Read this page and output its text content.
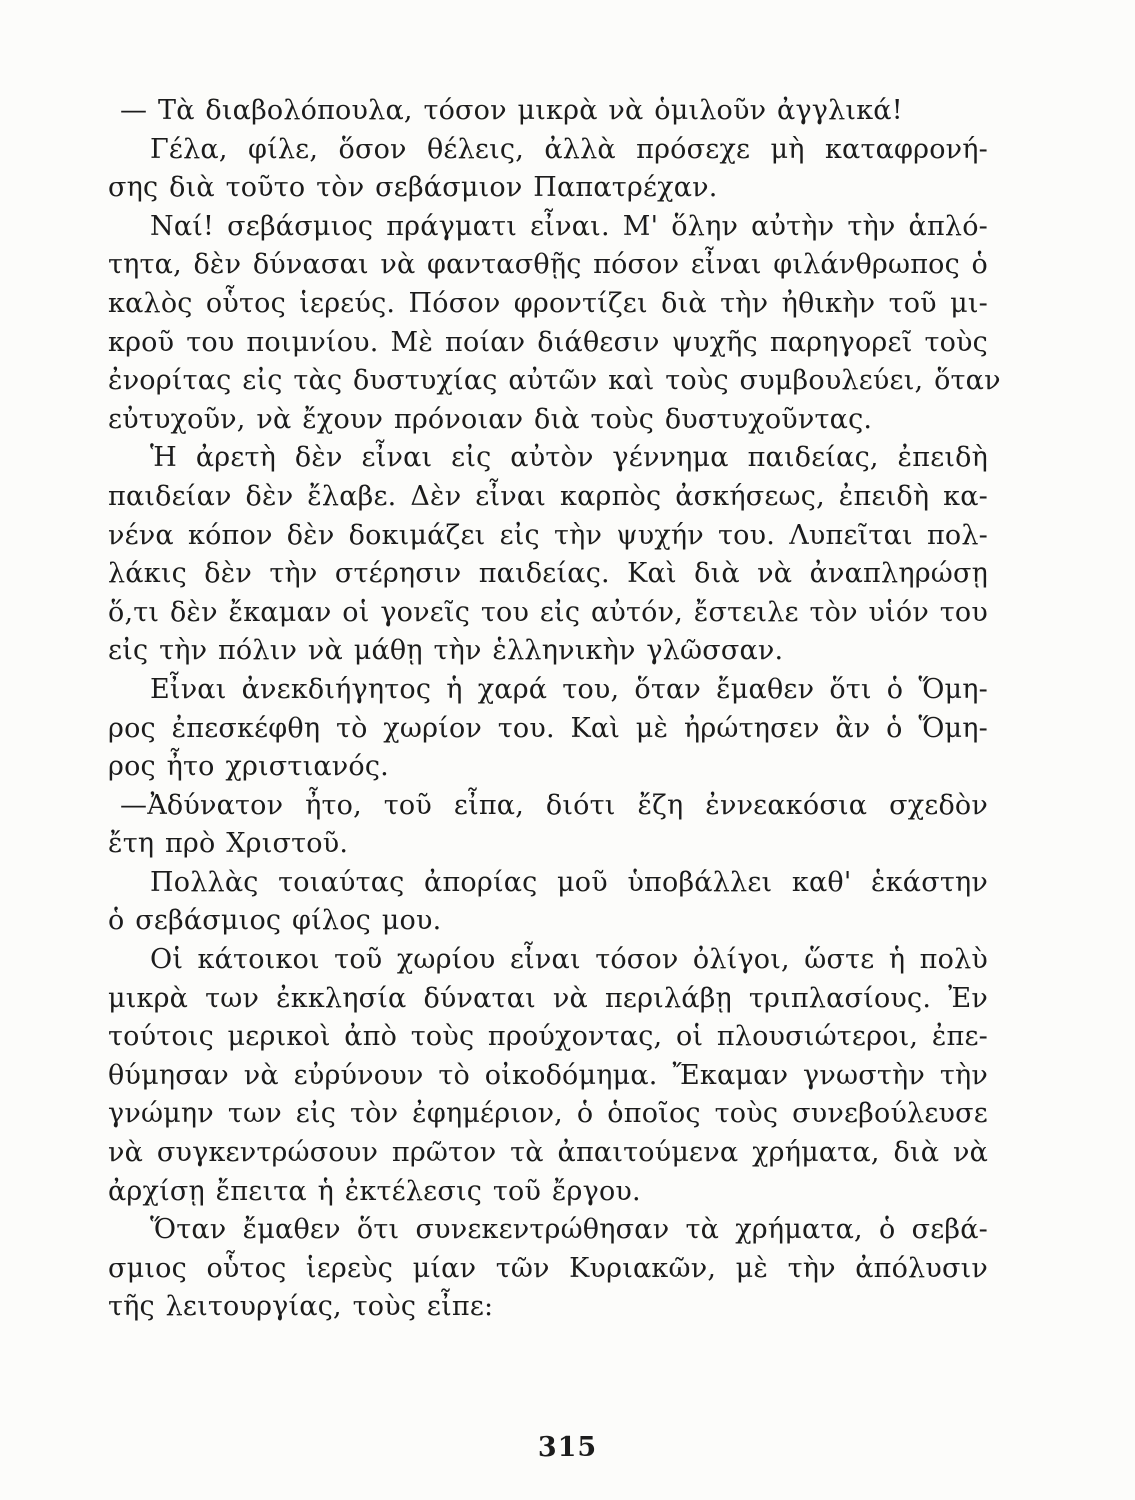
— Τὰ διαβολόπουλα, τόσον μικρὰ νὰ ὁμιλοῦν ἀγγλικά!
Γέλα, φίλε, ὅσον θέλεις, ἀλλὰ πρόσεχε μὴ καταφρονή-
σης διὰ τοῦτο τὸν σεβάσμιον Παπατρέχαν.
Ναί! σεβάσμιος πράγματι εἶναι. Μ' ὅλην αὐτὴν τὴν ἁπλό-
τητα, δὲν δύνασαι νὰ φαντασθῇς πόσον εἶναι φιλάνθρωπος ὁ
καλὸς οὗτος ἱερεύς. Πόσον φροντίζει διὰ τὴν ἠθικὴν τοῦ μι-
κροῦ του ποιμνίου. Μὲ ποίαν διάθεσιν ψυχῆς παρηγορεῖ τοὺς
ἐνορίτας εἰς τὰς δυστυχίας αὐτῶν καὶ τοὺς συμβουλεύει, ὅταν
εὐτυχοῦν, νὰ ἔχουν πρόνοιαν διὰ τοὺς δυστυχοῦντας.
Ἡ ἀρετὴ δὲν εἶναι εἰς αὐτὸν γέννημα παιδείας, ἐπειδὴ
παιδείαν δὲν ἔλαβε. Δὲν εἶναι καρπὸς ἀσκήσεως, ἐπειδὴ κα-
νένα κόπον δὲν δοκιμάζει εἰς τὴν ψυχήν του. Λυπεῖται πολ-
λάκις δὲν τὴν στέρησιν παιδείας. Καὶ διὰ νὰ ἀναπληρώσῃ
ὅ,τι δὲν ἔκαμαν οἱ γονεῖς του εἰς αὐτόν, ἔστειλε τὸν υἱόν του
εἰς τὴν πόλιν νὰ μάθῃ τὴν ἑλληνικὴν γλῶσσαν.
Εἶναι ἀνεκδιήγητος ἡ χαρά του, ὅταν ἔμαθεν ὅτι ὁ Ὅμη-
ρος ἐπεσκέφθη τὸ χωρίον του. Καὶ μὲ ἠρώτησεν ἂν ὁ Ὅμη-
ρος ἦτο χριστιανός.
—Ἀδύνατον ἦτο, τοῦ εἶπα, διότι ἔζη ἐννεακόσια σχεδὸν
ἔτη πρὸ Χριστοῦ.
Πολλὰς τοιαύτας ἀπορίας μοῦ ὑποβάλλει καθ' ἑκάστην
ὁ σεβάσμιος φίλος μου.
Οἱ κάτοικοι τοῦ χωρίου εἶναι τόσον ὀλίγοι, ὥστε ἡ πολὺ
μικρὰ των ἐκκλησία δύναται νὰ περιλάβῃ τριπλασίους. Ἐν
τούτοις μερικοὶ ἀπὸ τοὺς προύχοντας, οἱ πλουσιώτεροι, ἐπε-
θύμησαν νὰ εὐρύνουν τὸ οἰκοδόμημα. Ἔκαμαν γνωστὴν τὴν
γνώμην των εἰς τὸν ἐφημέριον, ὁ ὁποῖος τοὺς συνεβούλευσε
νὰ συγκεντρώσουν πρῶτον τὰ ἀπαιτούμενα χρήματα, διὰ νὰ
ἀρχίσῃ ἔπειτα ἡ ἐκτέλεσις τοῦ ἔργου.
Ὅταν ἔμαθεν ὅτι συνεκεντρώθησαν τὰ χρήματα, ὁ σεβά-
σμιος οὗτος ἱερεὺς μίαν τῶν Κυριακῶν, μὲ τὴν ἀπόλυσιν
τῆς λειτουργίας, τοὺς εἶπε:
315
